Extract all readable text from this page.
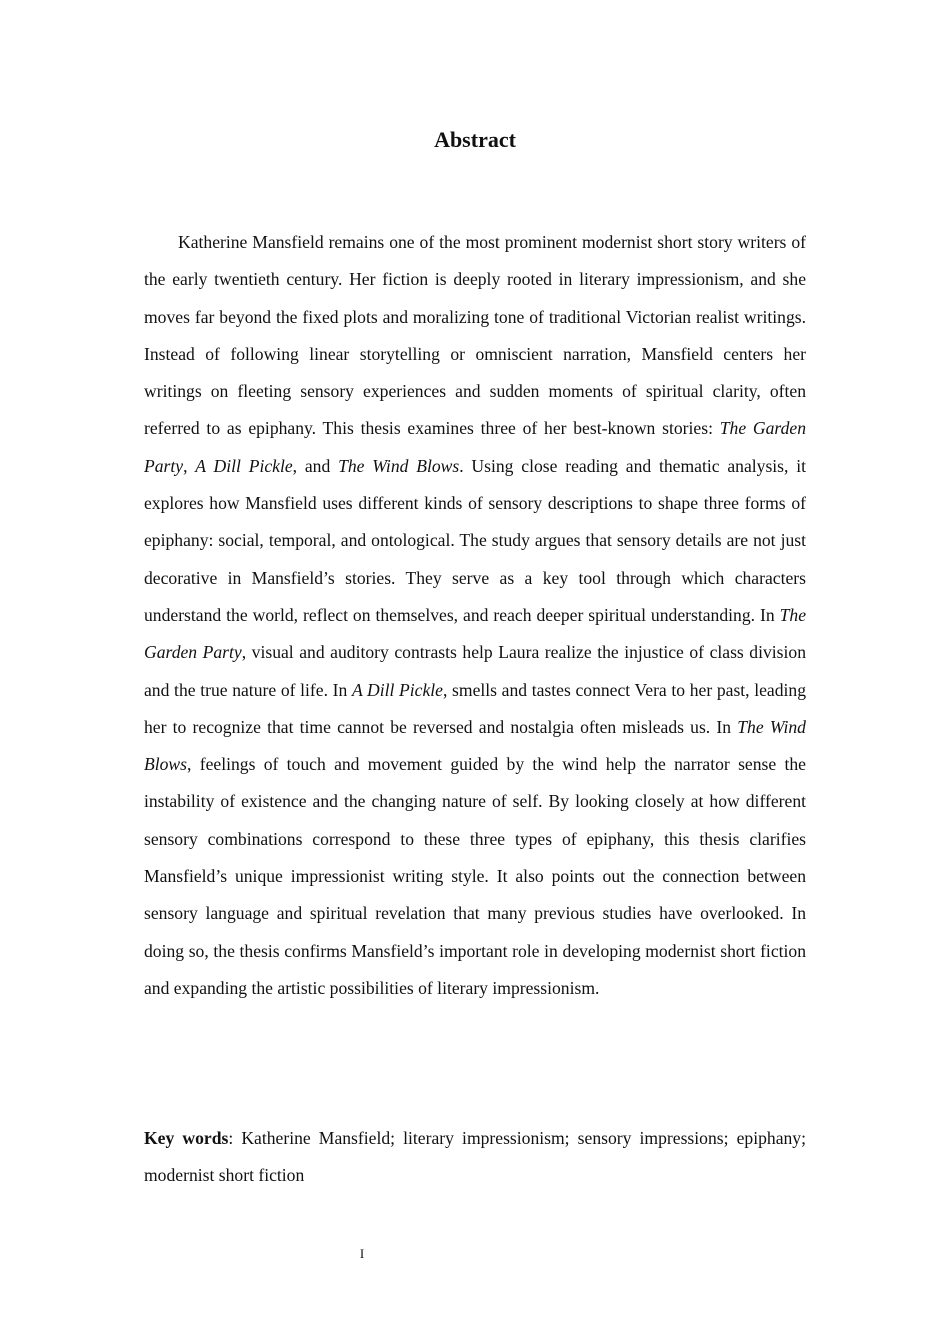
Abstract

Katherine Mansfield remains one of the most prominent modernist short story writers of the early twentieth century. Her fiction is deeply rooted in literary impressionism, and she moves far beyond the fixed plots and moralizing tone of traditional Victorian realist writings. Instead of following linear storytelling or omniscient narration, Mansfield centers her writings on fleeting sensory experiences and sudden moments of spiritual clarity, often referred to as epiphany. This thesis examines three of her best-known stories: The Garden Party, A Dill Pickle, and The Wind Blows. Using close reading and thematic analysis, it explores how Mansfield uses different kinds of sensory descriptions to shape three forms of epiphany: social, temporal, and ontological. The study argues that sensory details are not just decorative in Mansfield’s stories. They serve as a key tool through which characters understand the world, reflect on themselves, and reach deeper spiritual understanding. In The Garden Party, visual and auditory contrasts help Laura realize the injustice of class division and the true nature of life. In A Dill Pickle, smells and tastes connect Vera to her past, leading her to recognize that time cannot be reversed and nostalgia often misleads us. In The Wind Blows, feelings of touch and movement guided by the wind help the narrator sense the instability of existence and the changing nature of self. By looking closely at how different sensory combinations correspond to these three types of epiphany, this thesis clarifies Mansfield’s unique impressionist writing style. It also points out the connection between sensory language and spiritual revelation that many previous studies have overlooked. In doing so, the thesis confirms Mansfield’s important role in developing modernist short fiction and expanding the artistic possibilities of literary impressionism.

Key words: Katherine Mansfield; literary impressionism; sensory impressions; epiphany; modernist short fiction

I
